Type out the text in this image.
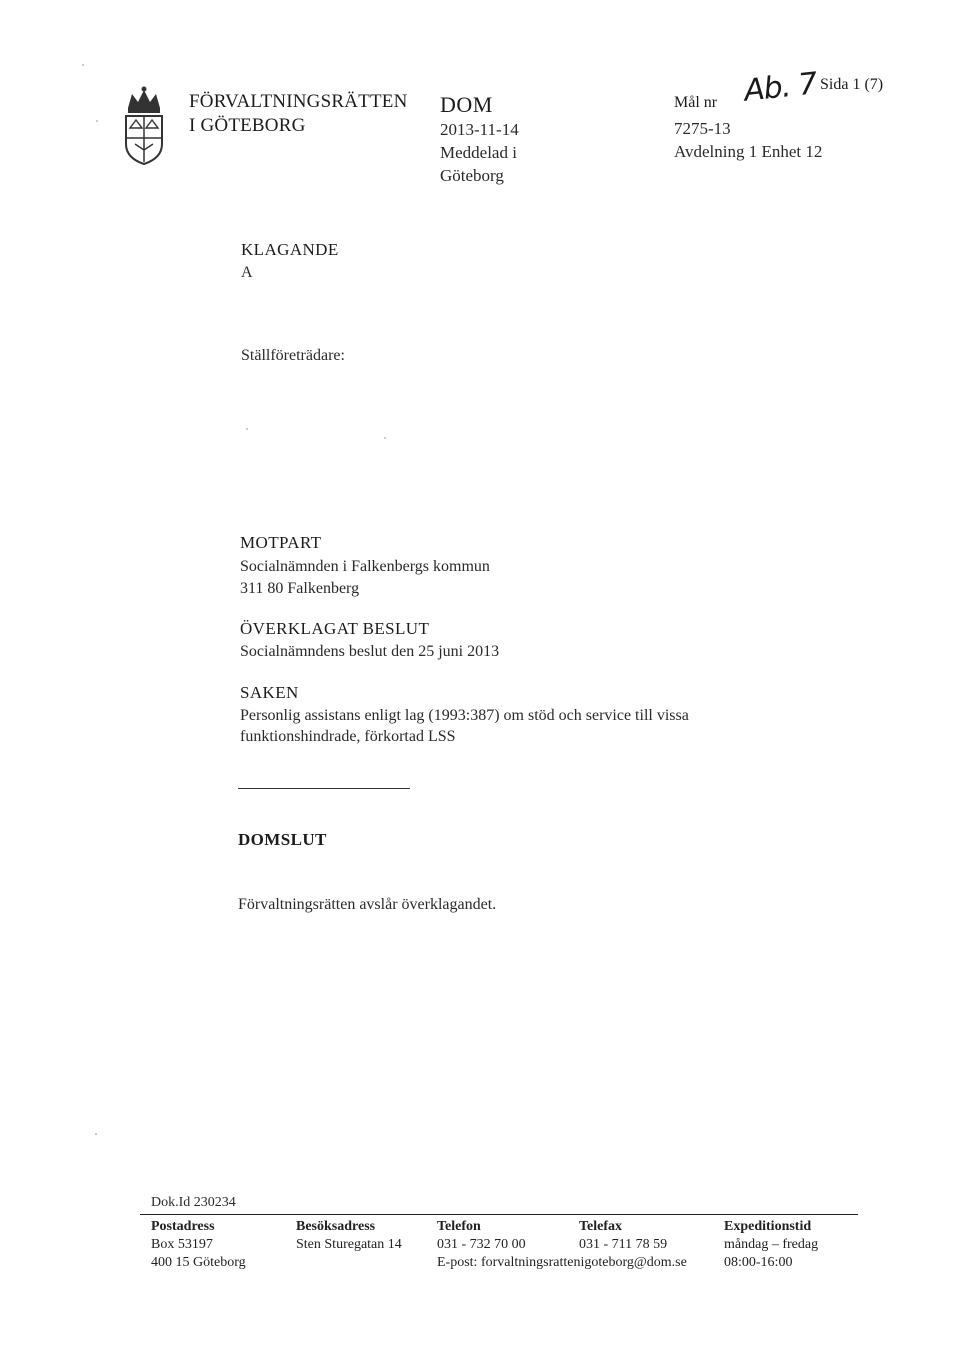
FÖRVALTNINGSRÄTTEN
I GÖTEBORG
DOM
2013-11-14
Meddelad i
Göteborg
Mål nr Ab. 7 Sida 1 (7)
7275-13
Avdelning 1 Enhet 12
KLAGANDE
A
Ställföreträdare:
MOTPART
Socialnämnden i Falkenbergs kommun
311 80 Falkenberg
ÖVERKLAGAT BESLUT
Socialnämndens beslut den 25 juni 2013
SAKEN
Personlig assistans enligt lag (1993:387) om stöd och service till vissa
funktionshindrade, förkortad LSS
DOMSLUT
Förvaltningsrätten avslår överklagandet.
Dok.Id 230234
Postadress
Box 53197
400 15 Göteborg
Besöksadress
Sten Sturegatan 14
Telefon
031 - 732 70 00
E-post: forvaltningsrattenigoteborg@dom.se
Telefax
031 - 711 78 59
Expeditionstid
måndag – fredag
08:00-16:00
